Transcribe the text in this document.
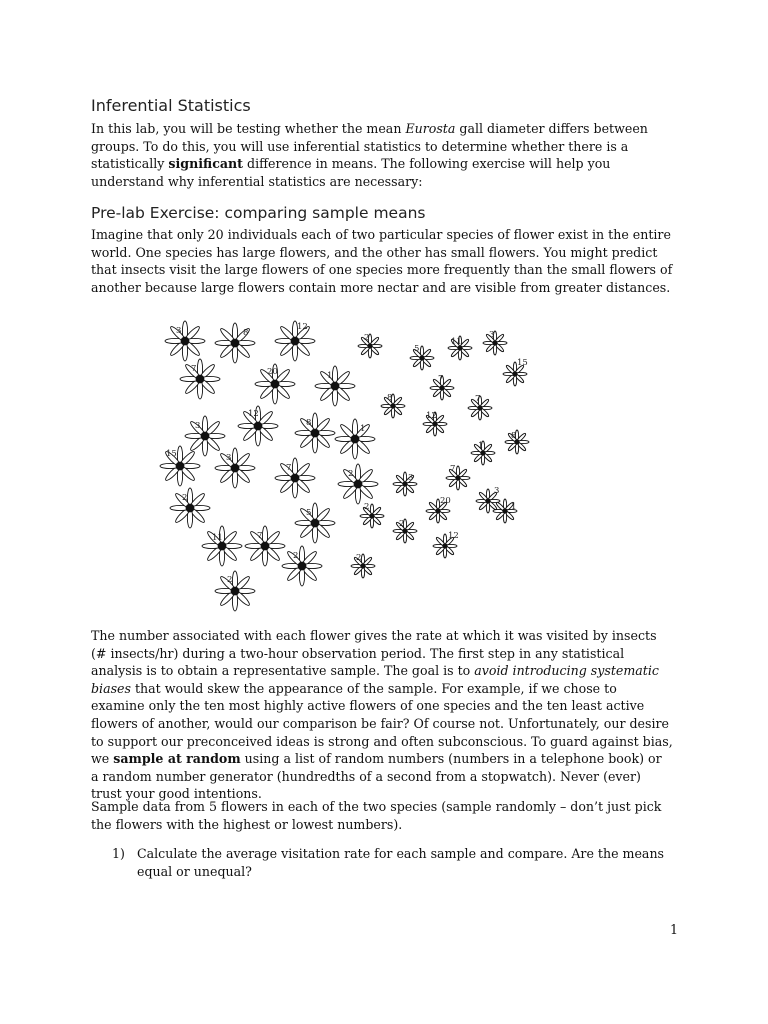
Inferential Statistics

In this lab, you will be testing whether the mean Eurosta gall diameter differs between groups. To do this, you will use inferential statistics to determine whether there is a statistically significant difference in means. The following exercise will help you understand why inferential statistics are necessary:

Pre-lab Exercise: comparing sample means

Imagine that only 20 individuals each of two particular species of flower exist in the entire world. One species has large flowers, and the other has small flowers. You might predict that insects visit the large flowers of one species more frequently than the small flowers of another because large flowers contain more nectar and are visible from greater distances.

3	8
12
7	20	1
12
8
1
3
15	3
7
2
2
5
11	7
2
2
2	11
3
5
15
7
8	7
12
8
1
3
7
20
2
3
2
1
2
12

The number associated with each flower gives the rate at which it was visited by insects (# insects/hr) during a two-hour observation period. The first step in any statistical analysis is to obtain a representative sample. The goal is to avoid introducing systematic biases that would skew the appearance of the sample. For example, if we chose to examine only the ten most highly active flowers of one species and the ten least active flowers of another, would our comparison be fair? Of course not. Unfortunately, our desire to support our preconceived ideas is strong and often subconscious. To guard against bias, we sample at random using a list of random numbers (numbers in a telephone book) or a random number generator (hundredths of a second from a stopwatch). Never (ever) trust your good intentions.

Sample data from 5 flowers in each of the two species (sample randomly – don’t just pick the flowers with the highest or lowest numbers).

1) Calculate the average visitation rate for each sample and compare. Are the means equal or unequal?
1
